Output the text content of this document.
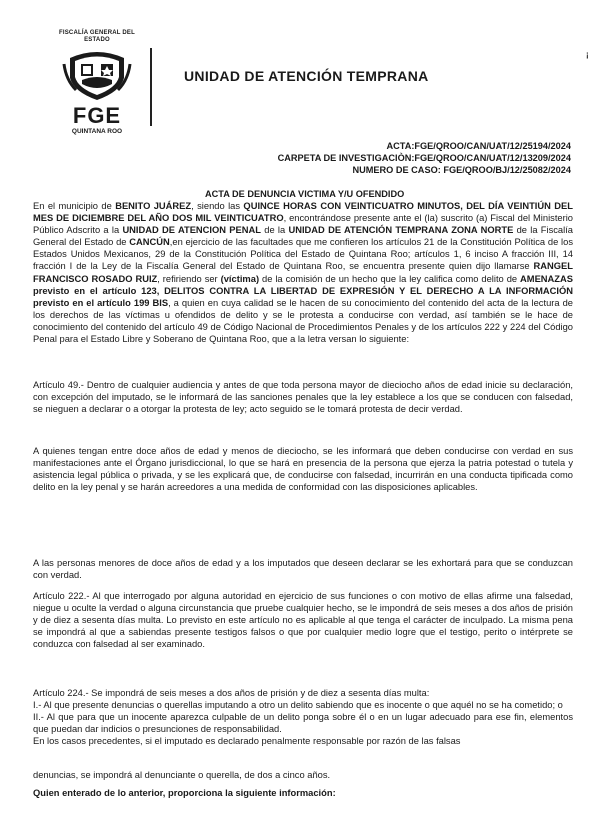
FISCALÍA GENERAL DEL ESTADO
FGE
QUINTANA ROO
UNIDAD DE ATENCIÓN TEMPRANA
¡
ACTA:FGE/QROO/CAN/UAT/12/25194/2024
CARPETA DE INVESTIGACIÒN:FGE/QROO/CAN/UAT/12/13209/2024
NUMERO DE CASO: FGE/QROO/BJ/12/25082/2024
ACTA DE DENUNCIA VICTIMA Y/U OFENDIDO

En el municipio de BENITO JUÁREZ, siendo las QUINCE HORAS CON VEINTICUATRO MINUTOS, DEL DÍA VEINTIÚN DEL MES DE DICIEMBRE DEL AÑO DOS MIL VEINTICUATRO, encontrándose presente ante el (la) suscrito (a) Fiscal del Ministerio Público Adscrito a la UNIDAD DE ATENCION PENAL de la UNIDAD DE ATENCIÓN TEMPRANA ZONA NORTE de la Fiscalía General del Estado de CANCÚN,en ejercicio de las facultades que me confieren los artículos 21 de la Constitución Política de los Estados Unidos Mexicanos, 29 de la Constitución Política del Estado de Quintana Roo; artículos 1, 6 inciso A fracción III, 14 fracción I de la Ley de la Fiscalía General del Estado de Quintana Roo, se encuentra presente quien dijo llamarse RANGEL FRANCISCO ROSADO RUIZ, refiriendo ser (víctima) de la comisión de un hecho que la ley califica como delito de AMENAZAS previsto en el artículo 123, DELITOS CONTRA LA LIBERTAD DE EXPRESIÓN Y EL DERECHO A LA INFORMACIÓN previsto en el artículo 199 BIS, a quien en cuya calidad se le hacen de su conocimiento del contenido del acta de la lectura de los derechos de las víctimas u ofendidos de delito y se le protesta a conducirse con verdad, así también se le hace de conocimiento del contenido del artículo 49 de Código Nacional de Procedimientos Penales y de los artículos 222 y 224 del Código Penal para el Estado Libre y Soberano de Quintana Roo, que a la letra versan lo siguiente:

Artículo 49.- Dentro de cualquier audiencia y antes de que toda persona mayor de dieciocho años de edad inicie su declaración, con excepción del imputado, se le informará de las sanciones penales que la ley establece a los que se conducen con falsedad, se nieguen a declarar o a otorgar la protesta de ley; acto seguido se le tomará protesta de decir verdad.

A quienes tengan entre doce años de edad y menos de dieciocho, se les informará que deben conducirse con verdad en sus manifestaciones ante el Órgano jurisdiccional, lo que se hará en presencia de la persona que ejerza la patria potestad o tutela y asistencia legal pública o privada, y se les explicará que, de conducirse con falsedad, incurrirán en una conducta tipificada como delito en la ley penal y se harán acreedores a una medida de conformidad con las disposiciones aplicables.

A las personas menores de doce años de edad y a los imputados que deseen declarar se les exhortará para que se conduzcan con verdad.

Artículo 222.- Al que interrogado por alguna autoridad en ejercicio de sus funciones o con motivo de ellas afirme una falsedad, niegue u oculte la verdad o alguna circunstancia que pruebe cualquier hecho, se le impondrá de seis meses a dos años de prisión y de diez a sesenta días multa. Lo previsto en este artículo no es aplicable al que tenga el carácter de inculpado. La misma pena se impondrá al que a sabiendas presente testigos falsos o que por cualquier medio logre que el testigo, perito o intérprete se conduzca con falsedad al ser examinado.

Artículo 224.- Se impondrá de seis meses a dos años de prisión y de diez a sesenta días multa:

I.- Al que presente denuncias o querellas imputando a otro un delito sabiendo que es inocente o que aquél no se ha cometido; o

II.- Al que para que un inocente aparezca culpable de un delito ponga sobre él o en un lugar adecuado para ese fin, elementos que puedan dar indicios o presunciones de responsabilidad.

En los casos precedentes, si el imputado es declarado penalmente responsable por razón de las falsas

denuncias, se impondrá al denunciante o querella, de dos a cinco años.

Quien enterado de lo anterior, proporciona la siguiente información:
